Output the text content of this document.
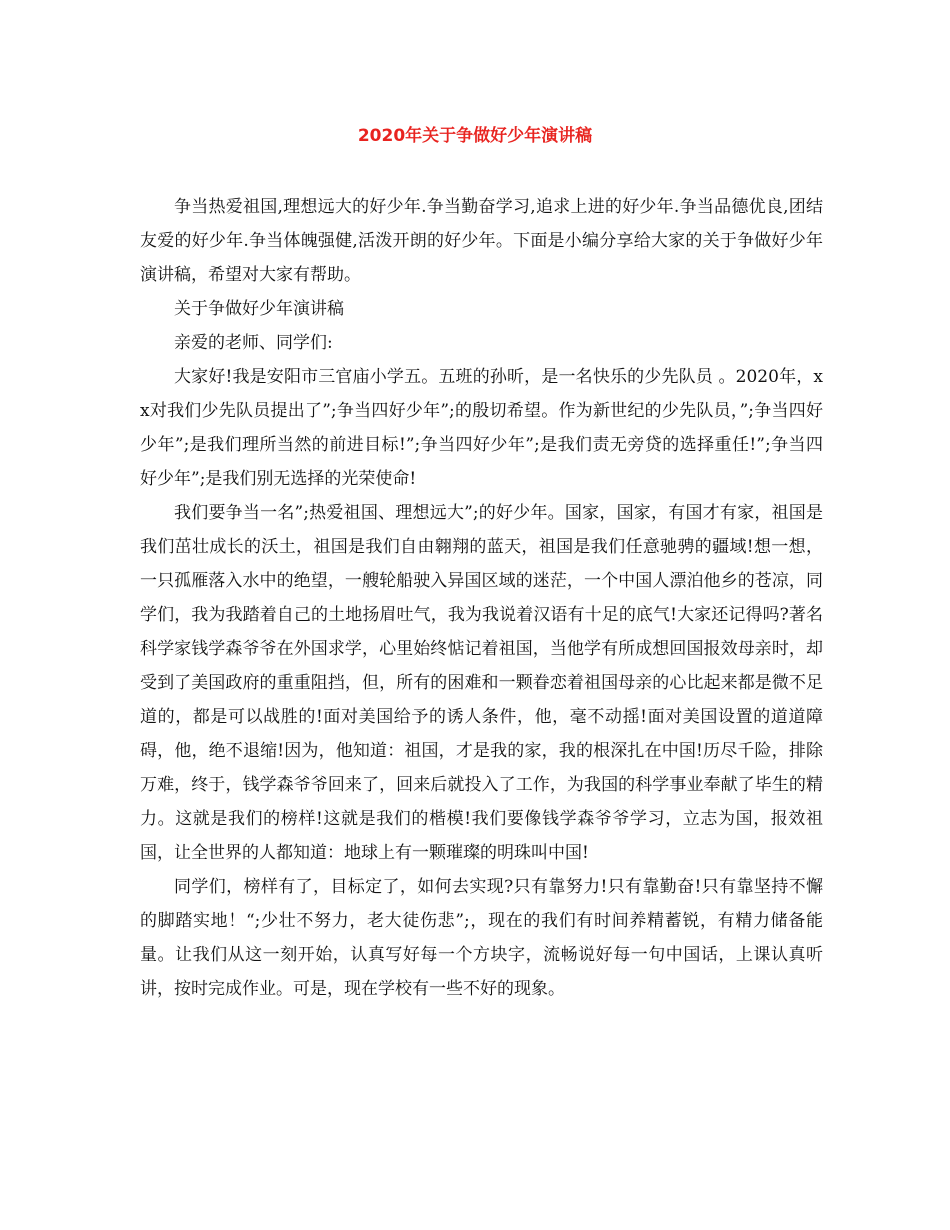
2020年关于争做好少年演讲稿

争当热爱祖国,理想远大的好少年.争当勤奋学习,追求上进的好少年.争当品德优良,团结友爱的好少年.争当体魄强健,活泼开朗的好少年。下面是小编分享给大家的关于争做好少年演讲稿，希望对大家有帮助。

关于争做好少年演讲稿

亲爱的老师、同学们:

大家好!我是安阳市三官庙小学五。五班的孙昕，是一名快乐的少先队员 。2020年，xx对我们少先队员提出了”;争当四好少年”;的殷切希望。作为新世纪的少先队员，”;争当四好少年”;是我们理所当然的前进目标!”;争当四好少年”;是我们责无旁贷的选择重任!”;争当四好少年”;是我们别无选择的光荣使命!

我们要争当一名”;热爱祖国、理想远大”;的好少年。国家，国家，有国才有家，祖国是我们茁壮成长的沃土，祖国是我们自由翱翔的蓝天，祖国是我们任意驰骋的疆域!想一想，一只孤雁落入水中的绝望，一艘轮船驶入异国区域的迷茫，一个中国人漂泊他乡的苍凉，同学们，我为我踏着自己的土地扬眉吐气，我为我说着汉语有十足的底气!大家还记得吗?著名科学家钱学森爷爷在外国求学，心里始终惦记着祖国，当他学有所成想回国报效母亲时，却受到了美国政府的重重阻挡，但，所有的困难和一颗眷恋着祖国母亲的心比起来都是微不足道的，都是可以战胜的!面对美国给予的诱人条件，他，毫不动摇!面对美国设置的道道障碍，他，绝不退缩!因为，他知道：祖国，才是我的家，我的根深扎在中国!历尽千险，排除万难，终于，钱学森爷爷回来了，回来后就投入了工作，为我国的科学事业奉献了毕生的精力。这就是我们的榜样!这就是我们的楷模!我们要像钱学森爷爷学习，立志为国，报效祖国，让全世界的人都知道：地球上有一颗璀璨的明珠叫中国!

同学们，榜样有了，目标定了，如何去实现?只有靠努力!只有靠勤奋!只有靠坚持不懈的脚踏实地！“;少壮不努力，老大徒伤悲”;，现在的我们有时间养精蓄锐，有精力储备能量。让我们从这一刻开始，认真写好每一个方块字，流畅说好每一句中国话，上课认真听讲，按时完成作业。可是，现在学校有一些不好的现象。
